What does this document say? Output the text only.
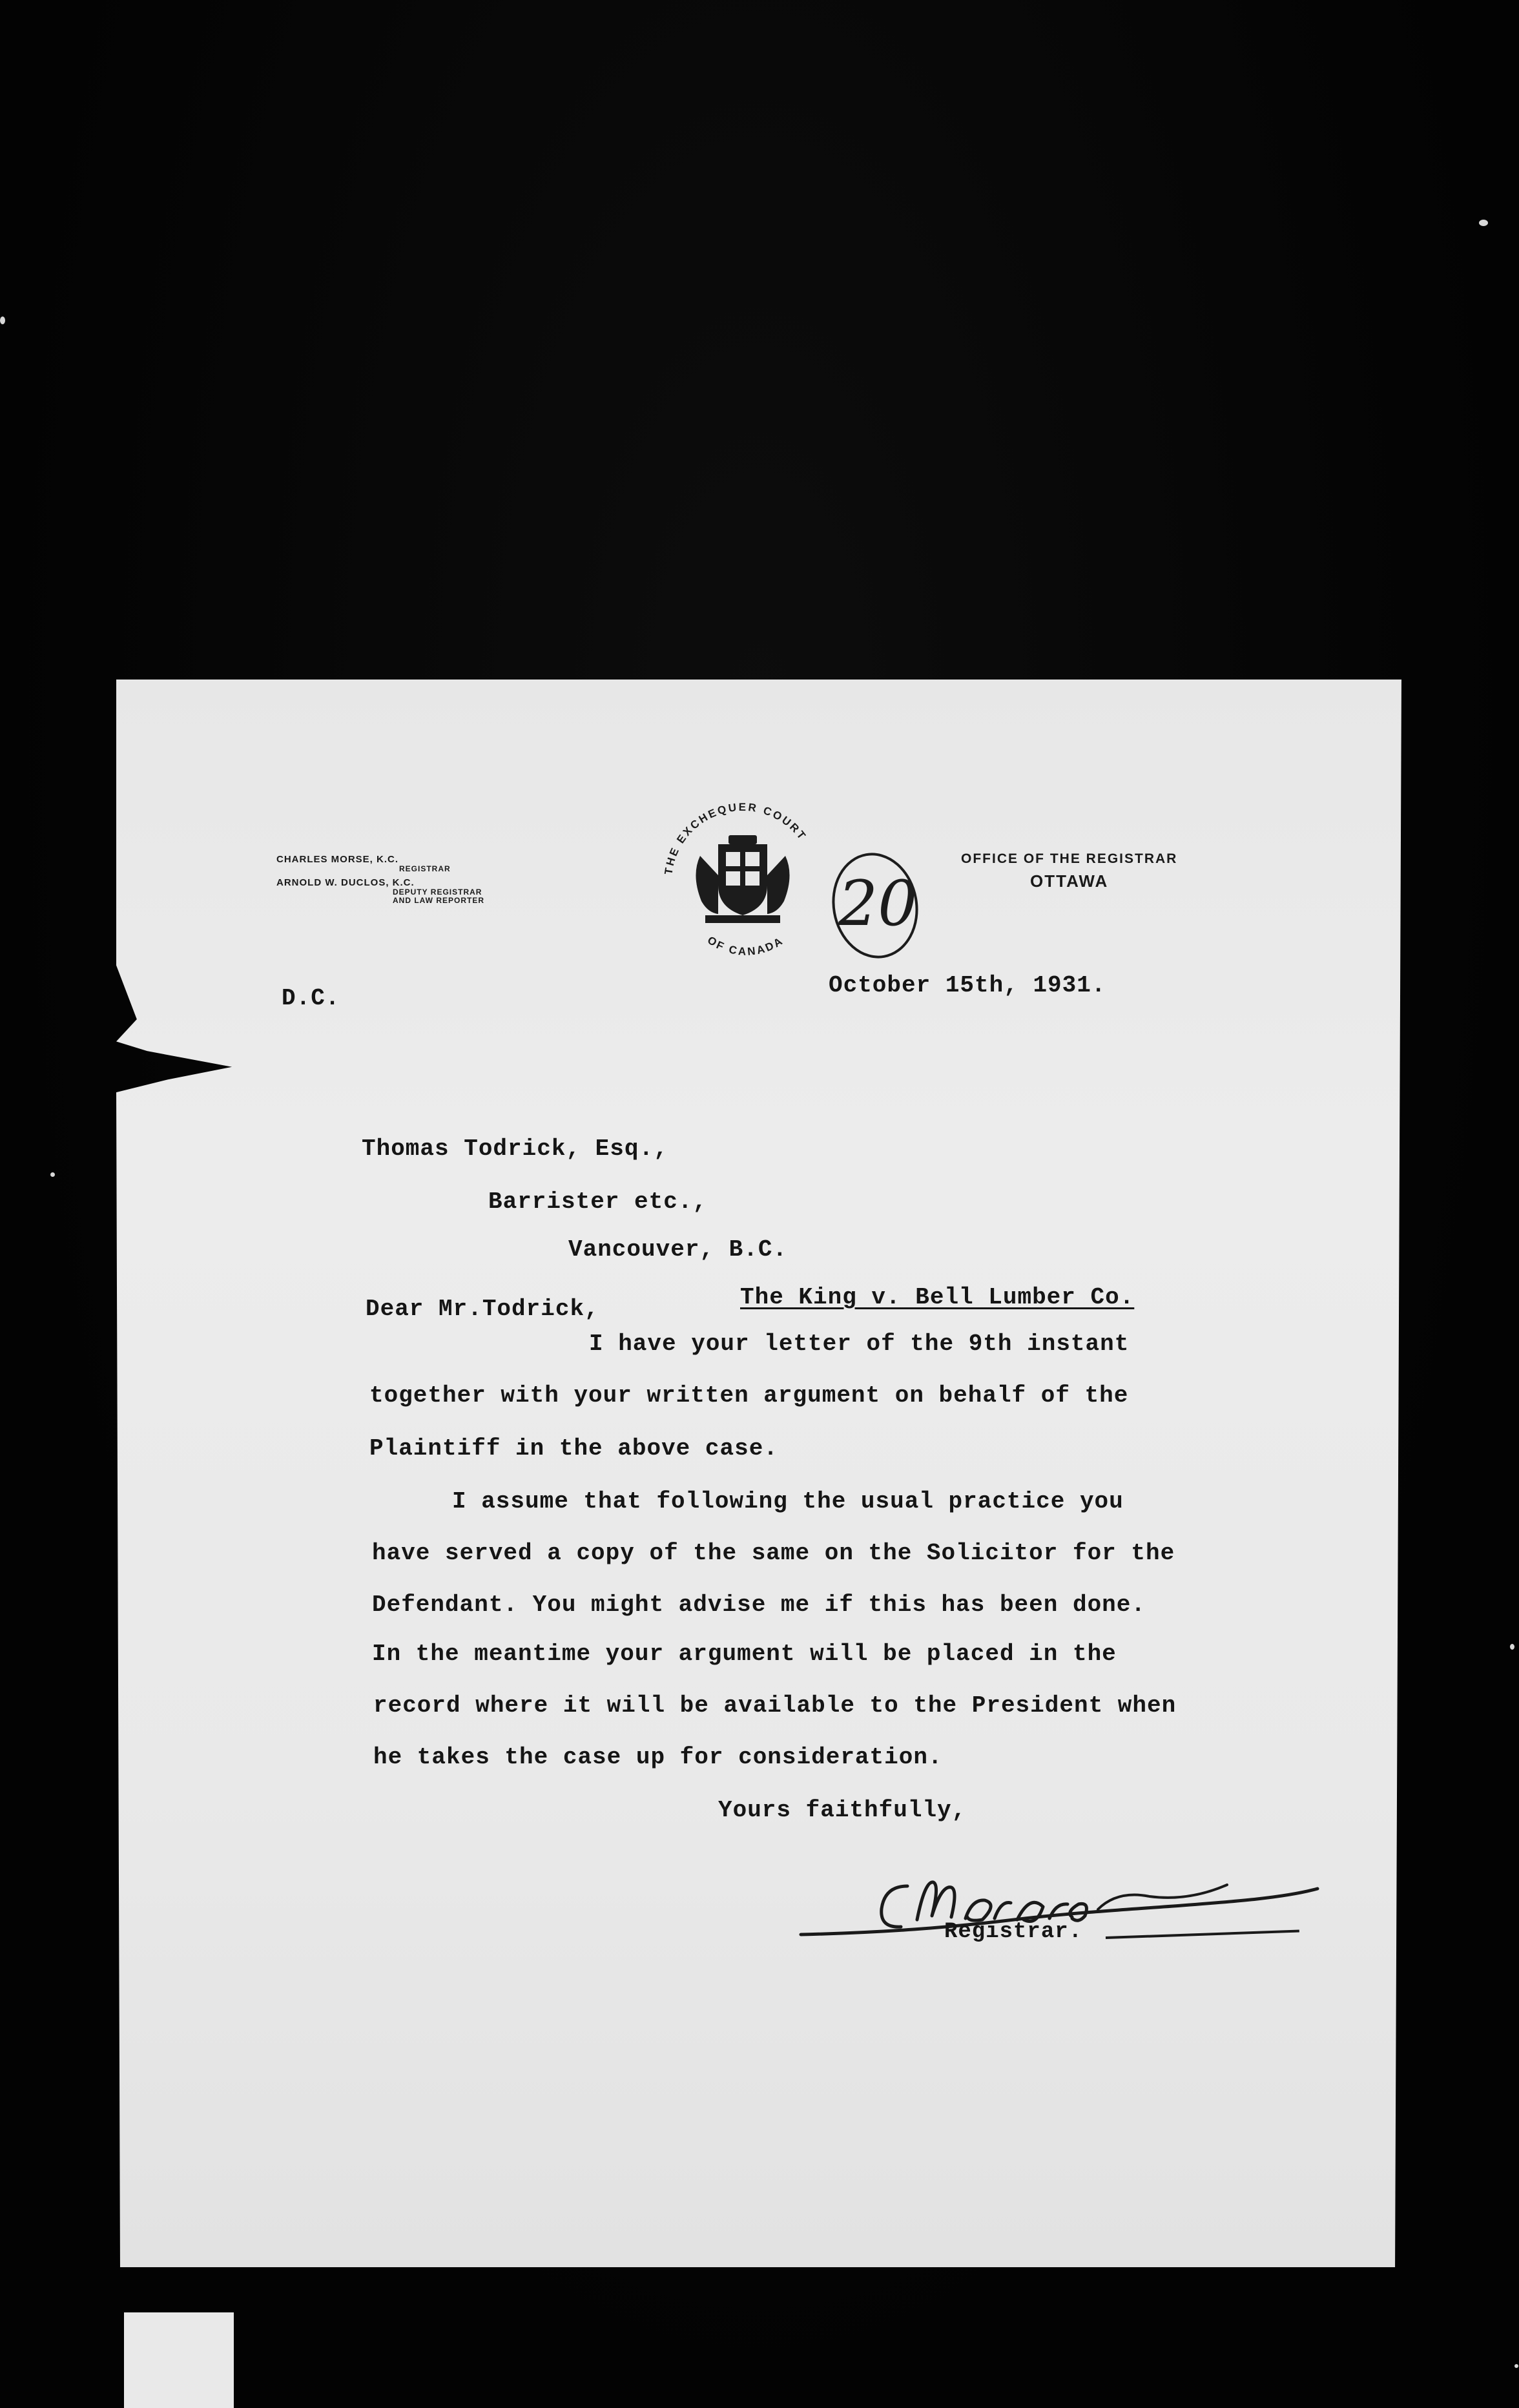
CHARLES MORSE, K.C.
REGISTRAR
ARNOLD W. DUCLOS, K.C.
DEPUTY REGISTRAR
AND LAW REPORTER
THE EXCHEQUER COURT
OF CANADA
20
OFFICE OF THE REGISTRAR
OTTAWA
D.C.	October 15th, 1931.
Thomas Todrick, Esq.,
Barrister etc.,
Vancouver, B.C.
Dear Mr.Todrick,	The King v. Bell Lumber Co.
I have your letter of the 9th instant
together with your written argument on behalf of the
Plaintiff in the above case.
I assume that following the usual practice you
have served a copy of the same on the Solicitor for the
Defendant. You might advise me if this has been done.
In the meantime your argument will be placed in the
record where it will be available to the President when
he takes the case up for consideration.
Yours faithfully,
Registrar.
